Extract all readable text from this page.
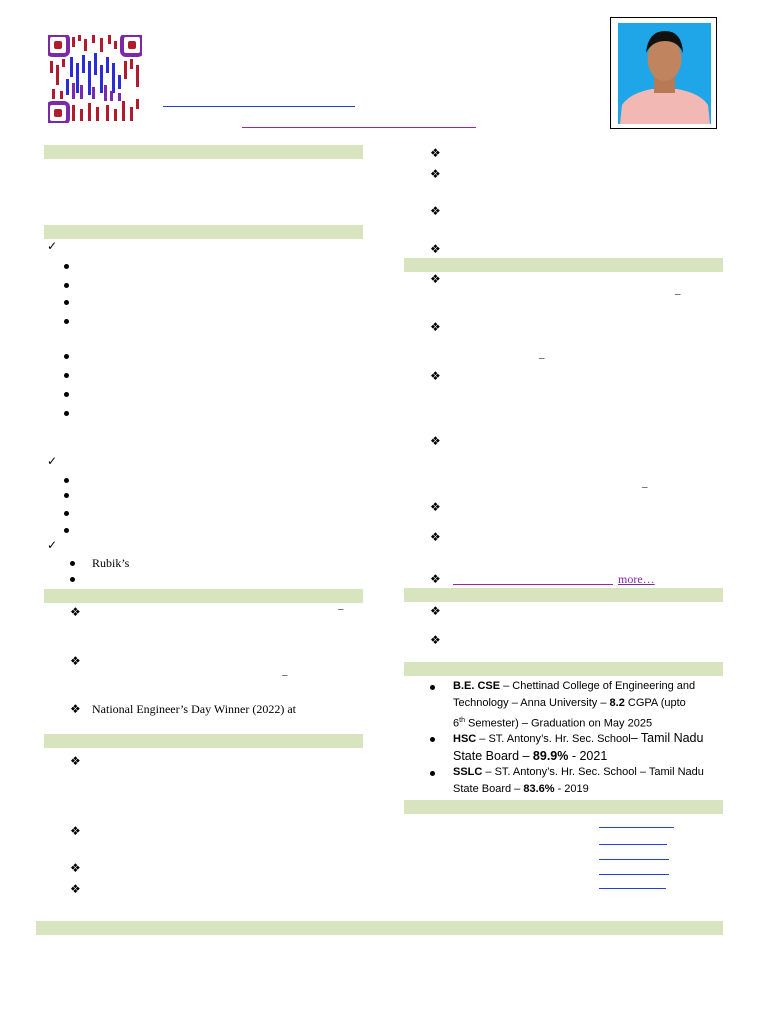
✓
✓
✓
Rubik’s
❖	–
❖
–
❖ National Engineer’s Day Winner (2022) at
❖
❖
❖
❖
❖
❖
❖
❖
❖
–
❖
–
❖
❖
–
❖
❖
❖	more…
❖
❖
B.E. CSE – Chettinad College of Engineering and
Technology – Anna University – 8.2 CGPA (upto
6th Semester) – Graduation on May 2025
HSC – ST. Antony’s. Hr. Sec. School– Tamil Nadu
State Board – 89.9% - 2021
SSLC – ST. Antony’s. Hr. Sec. School – Tamil Nadu
State Board – 83.6% - 2019
